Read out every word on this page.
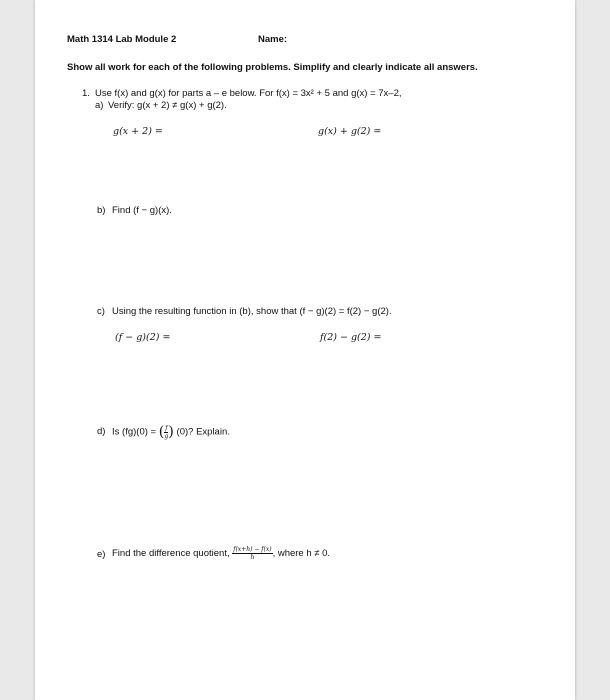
Math 1314 Lab Module 2	Name:
Show all work for each of the following problems. Simplify and clearly indicate all answers.
1. Use f(x) and g(x) for parts a – e below. For f(x) = 3x² + 5 and g(x) = 7x–2,
a) Verify: g(x + 2) ≠ g(x) + g(2).
g(x + 2) =	g(x) + g(2) =
b) Find (f − g)(x).
c) Using the resulting function in (b), show that (f − g)(2) = f(2) − g(2).
(f − g)(2) =	f(2) − g(2) =
d) Is (fg)(0) = ( $\frac{f}{g}$ ) (0)? Explain.
e) Find the difference quotient, $\frac{f(x+h) - f(x)}{h}$ , where h ≠ 0.
